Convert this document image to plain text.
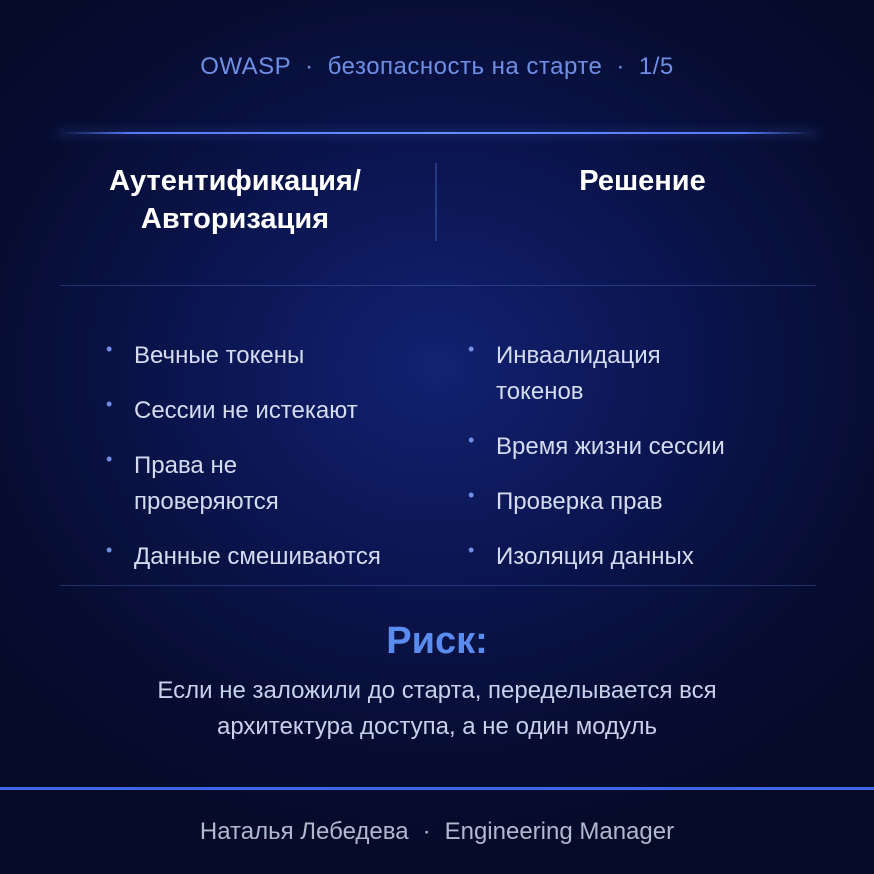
OWASP · безопасность на старте · 1/5
Аутентификация/
Авторизация
Решение
• Вечные токены
• Сессии не истекают
• Права не проверяются
• Данные смешиваются
• Инваалидация токенов
• Время жизни сессии
• Проверка прав
• Изоляция данных
Риск:
Если не заложили до старта, переделывается вся архитектура доступа, а не один модуль
Наталья Лебедева · Engineering Manager
